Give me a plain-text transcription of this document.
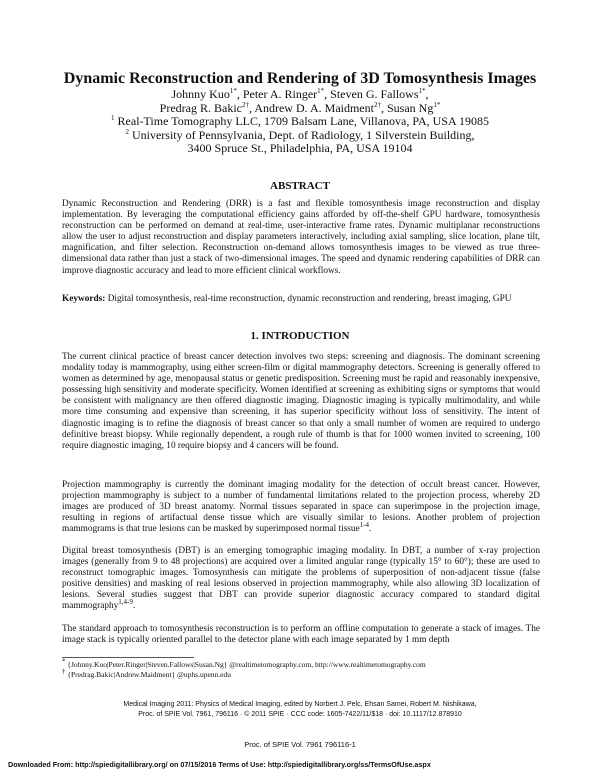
Dynamic Reconstruction and Rendering of 3D Tomosynthesis Images
Johnny Kuo$^{1*}$, Peter A. Ringer$^{1*}$, Steven G. Fallows$^{1*}$,
Predrag R. Bakic$^{2\dagger}$, Andrew D. A. Maidment$^{2\dagger}$, Susan $Ng^{1*}$
$^1$ Real-Time Tomography LLC, 1709 Balsam Lane, Villanova, PA, USA 19085
$^2$ University of Pennsylvania, Dept. of Radiology, 1 Silverstein Building,
3400 Spruce St., Philadelphia, PA, USA 19104
ABSTRACT
Dynamic Reconstruction and Rendering (DRR) is a fast and flexible tomosynthesis image reconstruction and display implementation. By leveraging the computational efficiency gains afforded by off-the-shelf GPU hardware, tomosynthesis reconstruction can be performed on demand at real-time, user-interactive frame rates. Dynamic multiplanar reconstructions allow the user to adjust reconstruction and display parameters interactively, including axial sampling, slice location, plane tilt, magnification, and filter selection. Reconstruction on-demand allows tomosynthesis images to be viewed as true three-dimensional data rather than just a stack of two-dimensional images. The speed and dynamic rendering capabilities of DRR can improve diagnostic accuracy and lead to more efficient clinical workflows.
Keywords: Digital tomosynthesis, real-time reconstruction, dynamic reconstruction and rendering, breast imaging, GPU
1. INTRODUCTION
The current clinical practice of breast cancer detection involves two steps: screening and diagnosis. The dominant screening modality today is mammography, using either screen-film or digital mammography detectors. Screening is generally offered to women as determined by age, menopausal status or genetic predisposition. Screening must be rapid and reasonably inexpensive, possessing high sensitivity and moderate specificity. Women identified at screening as exhibiting signs or symptoms that would be consistent with malignancy are then offered diagnostic imaging. Diagnostic imaging is typically multimodality, and while more time consuming and expensive than screening, it has superior specificity without loss of sensitivity. The intent of diagnostic imaging is to refine the diagnosis of breast cancer so that only a small number of women are required to undergo definitive breast biopsy. While regionally dependent, a rough rule of thumb is that for 1000 women invited to screening, 100 require diagnostic imaging, 10 require biopsy and 4 cancers will be found.
Projection mammography is currently the dominant imaging modality for the detection of occult breast cancer. However, projection mammography is subject to a number of fundamental limitations related to the projection process, whereby 2D images are produced of 3D breast anatomy. Normal tissues separated in space can superimpose in the projection image, resulting in regions of artifactual dense tissue which are visually similar to lesions. Another problem of projection mammograms is that true lesions can be masked by superimposed normal tissue$^{1-4}$.
Digital breast tomosynthesis (DBT) is an emerging tomographic imaging modality. In DBT, a number of x-ray projection images (generally from 9 to 48 projections) are acquired over a limited angular range (typically 15° to 60°); these are used to reconstruct tomographic images. Tomosynthesis can mitigate the problems of superposition of non-adjacent tissue (false positive densities) and masking of real lesions observed in projection mammography, while also allowing 3D localization of lesions. Several studies suggest that DBT can provide superior diagnostic accuracy compared to standard digital mammography$^{1,4-9}$.
The standard approach to tomosynthesis reconstruction is to perform an offline computation to generate a stack of images. The image stack is typically oriented parallel to the detector plane with each image separated by 1 mm depth
* {Johnny.Kuo|Peter.Ringer|Steven.Fallows|Susan.Ng} @realtimetomography.com, http://www.realtimetomography.com
† {Predrag.Bakic|Andrew.Maidment} @uphs.upenn.edu
Medical Imaging 2011: Physics of Medical Imaging, edited by Norbert J. Pelc, Ehsan Samei, Robert M. Nishikawa,
Proc. of SPIE Vol. 7961, 796116 · © 2011 SPIE · CCC code: 1605-7422/11/$18 · doi: 10.1117/12.878910
Proc. of SPIE Vol. 7961 796116-1
Downloaded From: http://spiedigitallibrary.org/ on 07/15/2016 Terms of Use: http://spiedigitallibrary.org/ss/TermsOfUse.aspx
